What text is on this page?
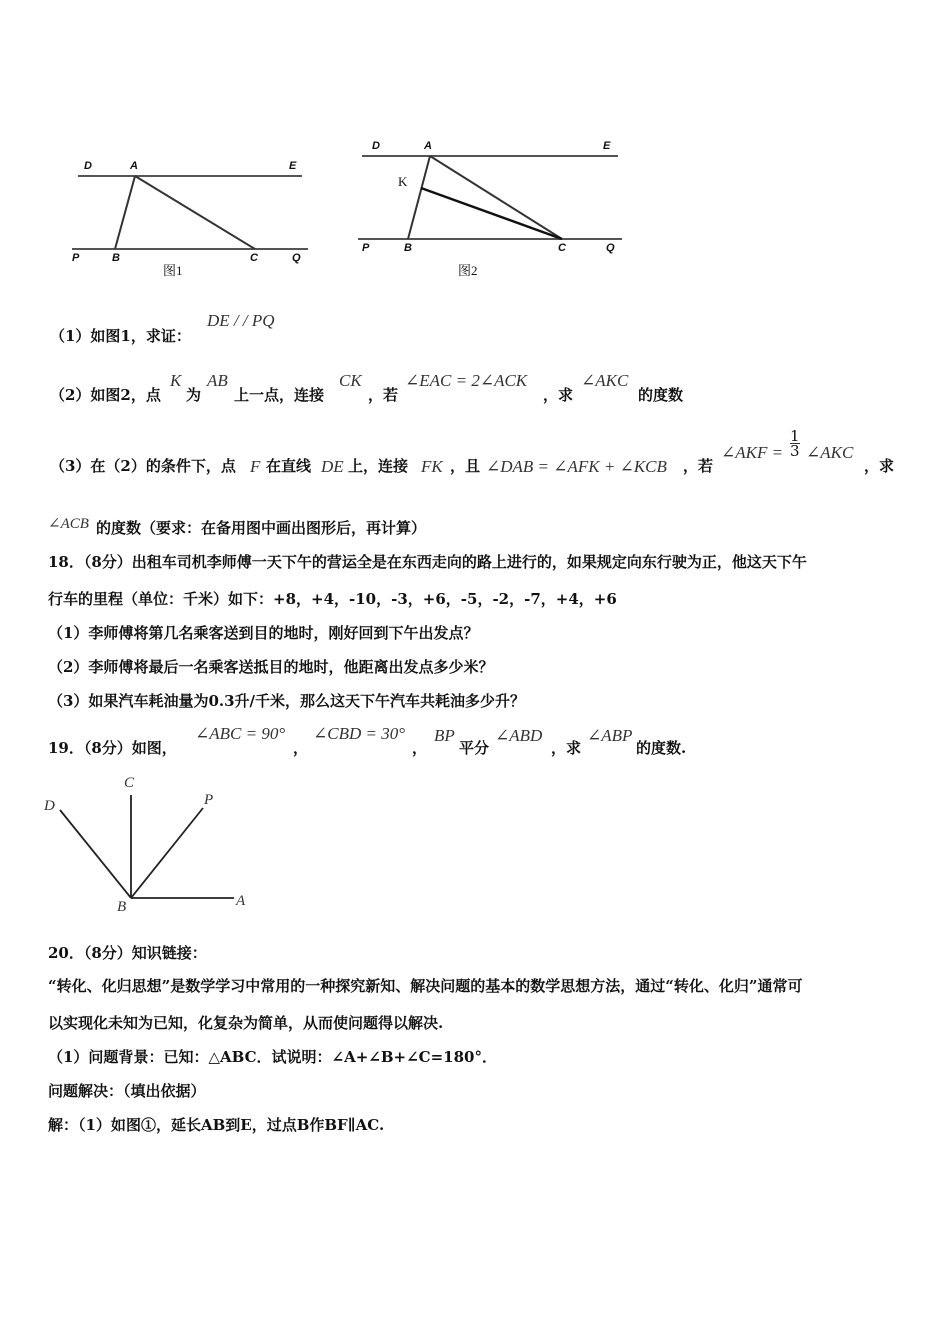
D	A	E
P	B	C	Q
图1
D	A	E
K
P	B	C	Q
图2
（1）如图1，求证：
DE / / PQ
（2）如图2，点
K
为
AB
上一点，连接
CK
，若
∠EAC = 2∠ACK
，求
∠AKC
的度数
（3）在（2）的条件下，点 F 在直线 DE 上，连接 FK ，且 ∠DAB = ∠AFK + ∠KCB ，若
∠AKF = $\frac{1}{3}$ ∠AKC
，求
∠ACB 的度数（要求：在备用图中画出图形后，再计算）
18．（8分）出租车司机李师傅一天下午的营运全是在东西走向的路上进行的，如果规定向东行驶为正，他这天下午
行车的里程（单位：千米）如下：+8，+4，-10，-3，+6，-5，-2，-7，+4，+6
（1）李师傅将第几名乘客送到目的地时，刚好回到下午出发点？
（2）李师傅将最后一名乘客送抵目的地时，他距离出发点多少米？
（3）如果汽车耗油量为0.3升/千米，那么这天下午汽车共耗油多少升？
19．（8分）如图，
∠ABC = 90°
，
∠CBD = 30°
，
BP
平分
∠ABD
，求
∠ABP
的度数.
D
C
P
B	A
20．（8分）知识链接：
“转化、化归思想”是数学学习中常用的一种探究新知、解决问题的基本的数学思想方法，通过“转化、化归”通常可
以实现化未知为已知，化复杂为简单，从而使问题得以解决.
（1）问题背景：已知：△ABC．试说明：∠A+∠B+∠C=180°．
问题解决：（填出依据）
解：（1）如图①，延长AB到E，过点B作BF∥AC.
